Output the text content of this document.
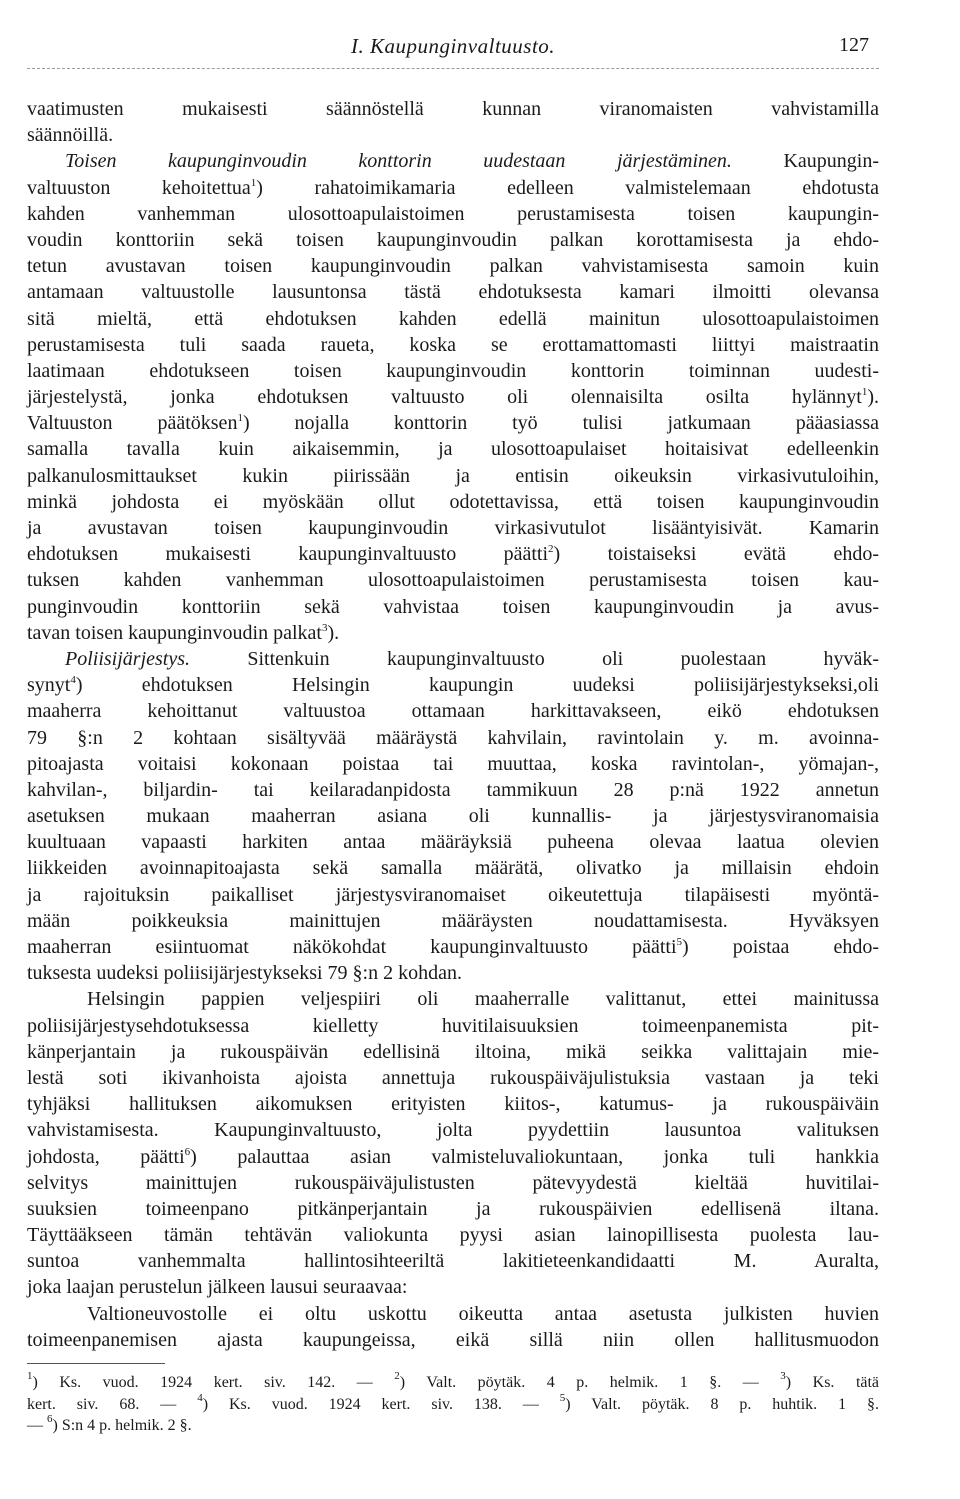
I. Kaupunginvaltuusto.	127
vaatimusten mukaisesti säännöstellä kunnan viranomaisten vahvistamilla
säännöillä.
Toisen kaupunginvoudin konttorin uudestaan järjestäminen.	Kaupungin-
valtuuston kehoitettua$^1$) rahatoimikamaria edelleen valmistelemaan ehdotusta
kahden vanhemman ulosottoapulaistoimen perustamisesta toisen kaupungin-
voudin konttoriin sekä toisen kaupunginvoudin palkan korottamisesta ja ehdo-
tetun avustavan toisen kaupunginvoudin palkan vahvistamisesta samoin kuin
antamaan valtuustolle lausuntonsa tästä ehdotuksesta kamari ilmoitti olevansa
sitä mieltä, että ehdotuksen kahden edellä mainitun ulosottoapulaistoimen
perustamisesta tuli saada raueta, koska se erottamattomasti liittyi maistraatin
laatimaan ehdotukseen toisen kaupunginvoudin konttorin toiminnan uudesti-
järjestelystä, jonka ehdotuksen valtuusto oli olennaisilta osilta hylännyt$^1$).
Valtuuston päätöksen$^1$) nojalla konttorin työ tulisi jatkumaan pääasiassa
samalla tavalla kuin aikaisemmin, ja ulosottoapulaiset hoitaisivat edelleenkin
palkanulosmittaukset kukin piirissään ja entisin oikeuksin virkasivutuloihin,
minkä johdosta ei myöskään ollut odotettavissa, että toisen kaupunginvoudin
ja avustavan toisen kaupunginvoudin virkasivutulot lisääntyisivät. Kamarin
ehdotuksen mukaisesti kaupunginvaltuusto päätti$^2$) toistaiseksi evätä ehdo-
tuksen kahden vanhemman ulosottoapulaistoimen perustamisesta toisen kau-
punginvoudin konttoriin sekä vahvistaa toisen kaupunginvoudin ja avus-
tavan toisen kaupunginvoudin palkat$^3$).
Poliisijärjestys.	Sittenkuin kaupunginvaltuusto oli puolestaan hyväk-
synyt$^4$) ehdotuksen Helsingin kaupungin uudeksi poliisijärjestykseksi,oli
maaherra kehoittanut valtuustoa ottamaan harkittavakseen, eikö ehdotuksen
79 §:n 2 kohtaan sisältyvää määräystä kahvilain, ravintolain y. m. avoinna-
pitoajasta voitaisi kokonaan poistaa tai muuttaa, koska ravintolan-, yömajan-,
kahvilan-, biljardin- tai keilaradanpidosta tammikuun 28 p:nä 1922 annetun
asetuksen mukaan maaherran asiana oli kunnallis- ja järjestysviranomaisia
kuultuaan vapaasti harkiten antaa määräyksiä puheena olevaa laatua olevien
liikkeiden avoinnapitoajasta sekä samalla määrätä, olivatko ja millaisin ehdoin
ja rajoituksin paikalliset järjestysviranomaiset oikeutettuja tilapäisesti myöntä-
mään poikkeuksia mainittujen määräysten noudattamisesta. Hyväksyen
maaherran esiintuomat näkökohdat kaupunginvaltuusto päätti$^5$) poistaa ehdo-
tuksesta uudeksi poliisijärjestykseksi 79 §:n 2 kohdan.
Helsingin pappien veljespiiri oli maaherralle valittanut, ettei mainitussa
poliisijärjestysehdotuksessa kielletty huvitilaisuuksien toimeenpanemista pit-
känperjantain ja rukouspäivän edellisinä iltoina, mikä seikka valittajain mie-
lestä soti ikivanhoista ajoista annettuja rukouspäiväjulistuksia vastaan ja teki
tyhjäksi hallituksen aikomuksen erityisten kiitos-, katumus- ja rukouspäiväin
vahvistamisesta. Kaupunginvaltuusto, jolta pyydettiin lausuntoa valituksen
johdosta, päätti$^6$) palauttaa asian valmisteluvaliokuntaan, jonka tuli hankkia
selvitys mainittujen rukouspäiväjulistusten pätevyydestä kieltää huvitilai-
suuksien toimeenpano pitkänperjantain ja rukouspäivien edellisenä iltana.
Täyttääkseen tämän tehtävän valiokunta pyysi asian lainopillisesta puolesta lau-
suntoa vanhemmalta hallintosihteeriltä lakitieteenkandidaatti M. Auralta,
joka laajan perustelun jälkeen lausui seuraavaa:
Valtioneuvostolle ei oltu uskottu oikeutta antaa asetusta julkisten huvien
toimeenpanemisen ajasta kaupungeissa, eikä sillä niin ollen hallitusmuodon
$^1$) Ks. vuod. 1924 kert. siv. 142. — $^2$) Valt. pöytäk. 4 p. helmik. 1 §. — $^3$) Ks. tätä
kert. siv. 68. — $^4$) Ks. vuod. 1924 kert. siv. 138. — $^5$) Valt. pöytäk. 8 p. huhtik. 1 §.
— $^6$) S:n 4 p. helmik. 2 §.
